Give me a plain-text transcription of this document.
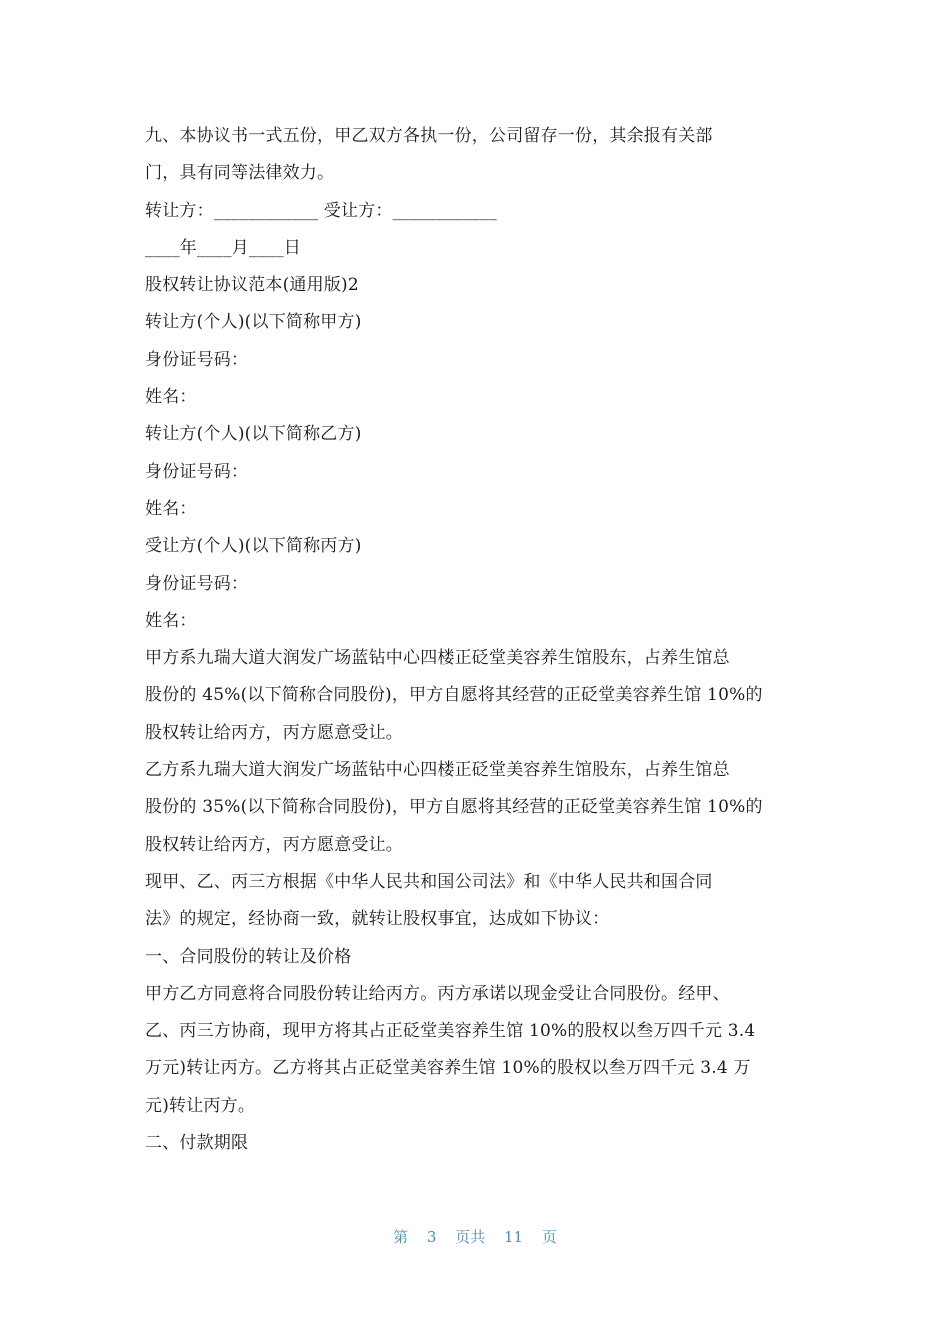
九、本协议书一式五份，甲乙双方各执一份，公司留存一份，其余报有关部
门，具有同等法律效力。
转让方：____________ 受让方：____________
____年____月____日
股权转让协议范本(通用版)2
转让方(个人)(以下简称甲方)
身份证号码：
姓名：
转让方(个人)(以下简称乙方)
身份证号码：
姓名：
受让方(个人)(以下简称丙方)
身份证号码：
姓名：
甲方系九瑞大道大润发广场蓝钻中心四楼正砭堂美容养生馆股东，占养生馆总
股份的 45%(以下简称合同股份)，甲方自愿将其经营的正砭堂美容养生馆 10%的
股权转让给丙方，丙方愿意受让。
乙方系九瑞大道大润发广场蓝钻中心四楼正砭堂美容养生馆股东，占养生馆总
股份的 35%(以下简称合同股份)，甲方自愿将其经营的正砭堂美容养生馆 10%的
股权转让给丙方，丙方愿意受让。
现甲、乙、丙三方根据《中华人民共和国公司法》和《中华人民共和国合同
法》的规定，经协商一致，就转让股权事宜，达成如下协议：
一、合同股份的转让及价格
甲方乙方同意将合同股份转让给丙方。丙方承诺以现金受让合同股份。经甲、
乙、丙三方协商，现甲方将其占正砭堂美容养生馆 10%的股权以叁万四千元 3.4
万元)转让丙方。乙方将其占正砭堂美容养生馆 10%的股权以叁万四千元 3.4 万
元)转让丙方。
二、付款期限
第 3 页共 11 页
